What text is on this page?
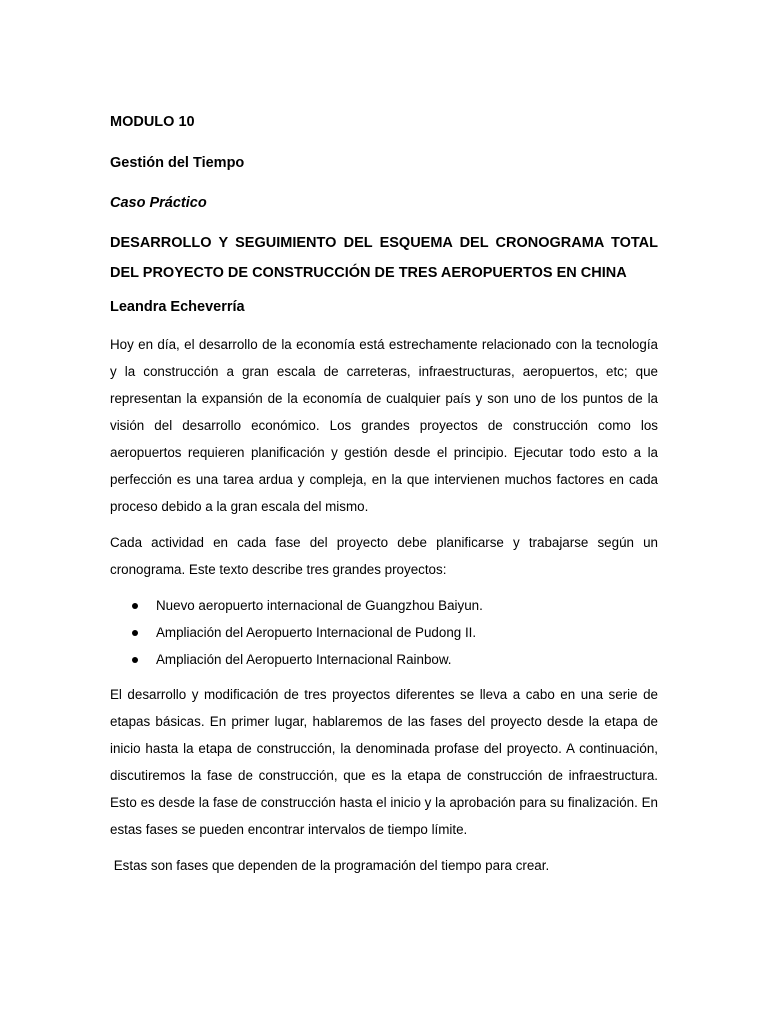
MODULO 10

Gestión del Tiempo

Caso Práctico

DESARROLLO Y SEGUIMIENTO DEL ESQUEMA DEL CRONOGRAMA TOTAL DEL PROYECTO DE CONSTRUCCIÓN DE TRES AEROPUERTOS EN CHINA

Leandra Echeverría

Hoy en día, el desarrollo de la economía está estrechamente relacionado con la tecnología y la construcción a gran escala de carreteras, infraestructuras, aeropuertos, etc; que representan la expansión de la economía de cualquier país y son uno de los puntos de la visión del desarrollo económico. Los grandes proyectos de construcción como los aeropuertos requieren planificación y gestión desde el principio. Ejecutar todo esto a la perfección es una tarea ardua y compleja, en la que intervienen muchos factores en cada proceso debido a la gran escala del mismo.

Cada actividad en cada fase del proyecto debe planificarse y trabajarse según un cronograma. Este texto describe tres grandes proyectos:

Nuevo aeropuerto internacional de Guangzhou Baiyun.
Ampliación del Aeropuerto Internacional de Pudong II.
Ampliación del Aeropuerto Internacional Rainbow.

El desarrollo y modificación de tres proyectos diferentes se lleva a cabo en una serie de etapas básicas. En primer lugar, hablaremos de las fases del proyecto desde la etapa de inicio hasta la etapa de construcción, la denominada profase del proyecto. A continuación, discutiremos la fase de construcción, que es la etapa de construcción de infraestructura. Esto es desde la fase de construcción hasta el inicio y la aprobación para su finalización. En estas fases se pueden encontrar intervalos de tiempo límite.

Estas son fases que dependen de la programación del tiempo para crear.
